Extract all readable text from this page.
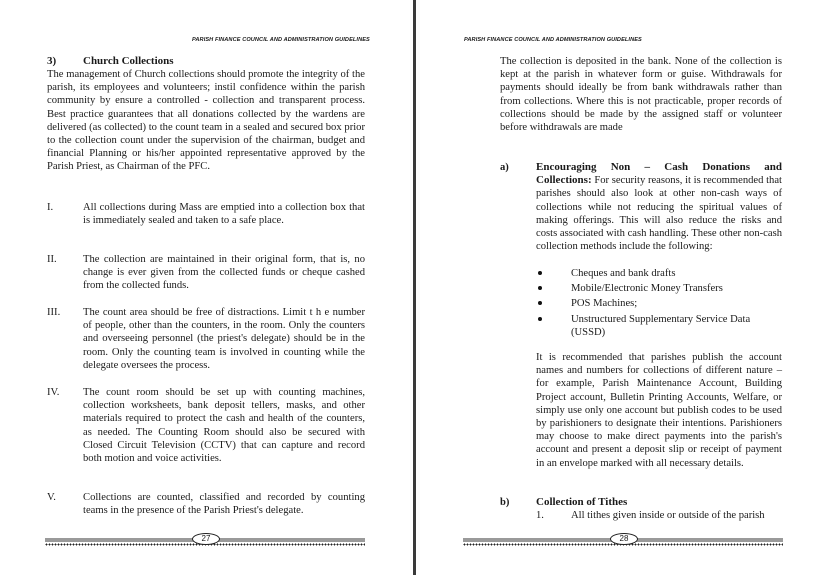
PARISH FINANCE COUNCIL AND ADMINISTRATION GUIDELINES
3) Church Collections

The management of Church collections should promote the integrity of the parish, its employees and volunteers; instil confidence within the parish community by ensure a controlled - collection and transparent process. Best practice guarantees that all donations collected by the wardens are delivered (as collected) to the count team in a sealed and secured box prior to the collection count under the supervision of the chairman, budget and financial Planning or his/her appointed representative approved by the Parish Priest, as Chairman of the PFC.

I.	All collections during Mass are emptied into a collection box that is immediately sealed and taken to a safe place.
II. The collection are maintained in their original form, that is, no change is ever given from the collected funds or cheque cashed from the collected funds.
III. The count area should be free of distractions. Limit t h e number of people, other than the counters, in the room. Only the counters and overseeing personnel (the priest's delegate) should be in the room. Only the counting team is involved in counting while the delegate oversees the process.
IV. The count room should be set up with counting machines, collection worksheets, bank deposit tellers, masks, and other materials required to protect the cash and health of the counters, as needed. The Counting Room should also be secured with Closed Circuit Television (CCTV) that can capture and record both motion and voice activities.
V.	Collections are counted, classified and recorded by counting teams in the presence of the Parish Priest's delegate.
27
PARISH FINANCE COUNCIL AND ADMINISTRATION GUIDELINES

The collection is deposited in the bank. None of the collection is kept at the parish in whatever form or guise. Withdrawals for payments should ideally be from bank withdrawals rather than from collections. Where this is not practicable, proper records of collections should be made by the assigned staff or volunteer before withdrawals are made

a) Encouraging Non – Cash Donations and Collections: For security reasons, it is recommended that parishes should also look at other non-cash ways of collections while not reducing the spiritual values of making offerings. This will also reduce the risks and costs associated with cash handling. These other non-cash collection methods include the following:
Cheques and bank drafts
Mobile/Electronic Money Transfers
POS Machines;
Unstructured Supplementary Service Data (USSD)

It is recommended that parishes publish the account names and numbers for collections of different nature – for example, Parish Maintenance Account, Building Project account, Bulletin Printing Accounts, Welfare, or simply use only one account but publish codes to be used by parishioners to designate their intentions. Parishioners may choose to make direct payments into the parish's account and present a deposit slip or receipt of payment in an envelope marked with all necessary details.

b) Collection of Tithes
1.	All tithes given inside or outside of the parish
28
